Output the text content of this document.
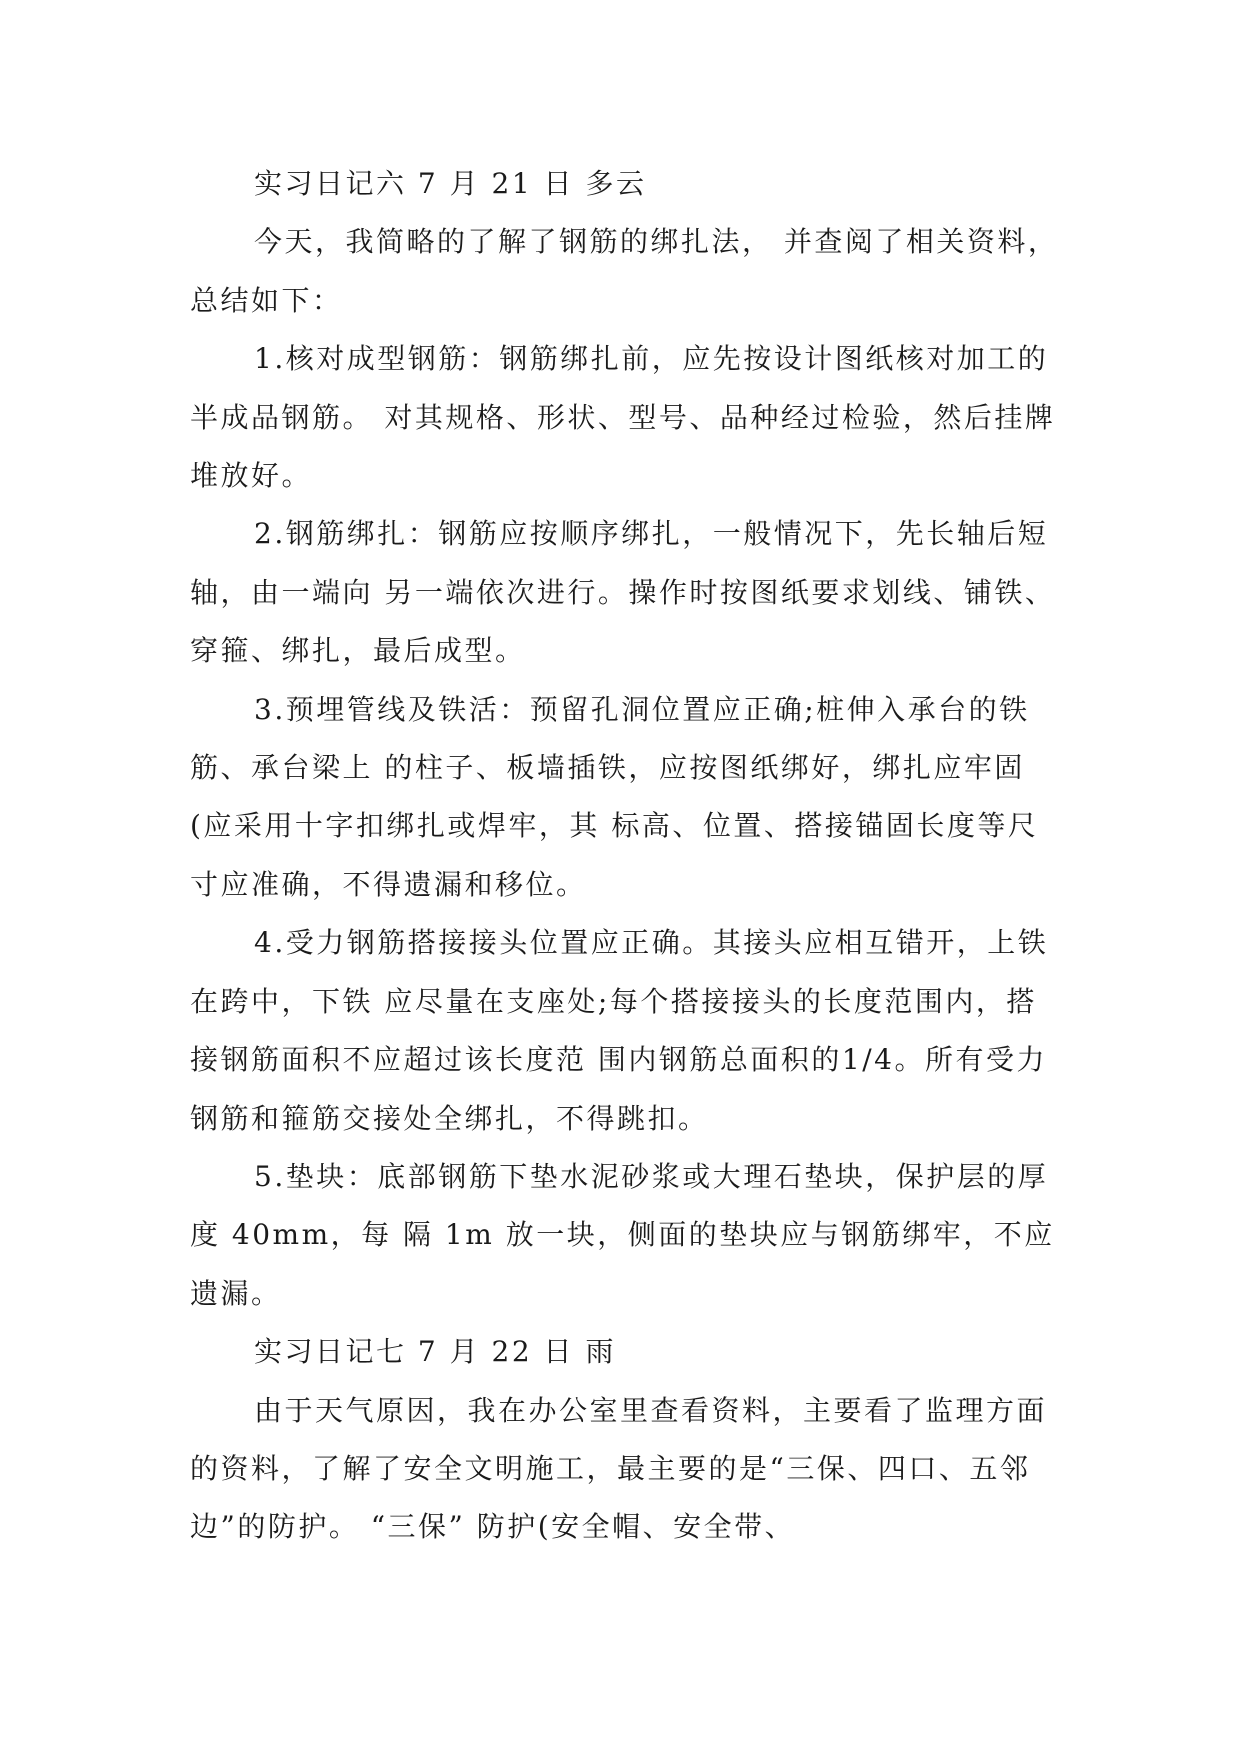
实习日记六 7 月 21 日 多云

今天，我简略的了解了钢筋的绑扎法， 并查阅了相关资料，总结如下：

1.核对成型钢筋：钢筋绑扎前，应先按设计图纸核对加工的半成品钢筋。 对其规格、形状、型号、品种经过检验，然后挂牌堆放好。

2.钢筋绑扎：钢筋应按顺序绑扎，一般情况下，先长轴后短轴，由一端向 另一端依次进行。操作时按图纸要求划线、铺铁、穿箍、绑扎，最后成型。

3.预埋管线及铁活：预留孔洞位置应正确;桩伸入承台的铁筋、承台梁上 的柱子、板墙插铁，应按图纸绑好，绑扎应牢固(应采用十字扣绑扎或焊牢，其 标高、位置、搭接锚固长度等尺寸应准确，不得遗漏和移位。

4.受力钢筋搭接接头位置应正确。其接头应相互错开，上铁在跨中，下铁 应尽量在支座处;每个搭接接头的长度范围内，搭接钢筋面积不应超过该长度范 围内钢筋总面积的1/4。所有受力钢筋和箍筋交接处全绑扎，不得跳扣。

5.垫块：底部钢筋下垫水泥砂浆或大理石垫块，保护层的厚度 40mm，每 隔 1m 放一块，侧面的垫块应与钢筋绑牢，不应遗漏。

实习日记七 7 月 22 日 雨

由于天气原因，我在办公室里查看资料，主要看了监理方面的资料，了解了安全文明施工，最主要的是“三保、四口、五邻边”的防护。 “三保” 防护(安全帽、安全带、
